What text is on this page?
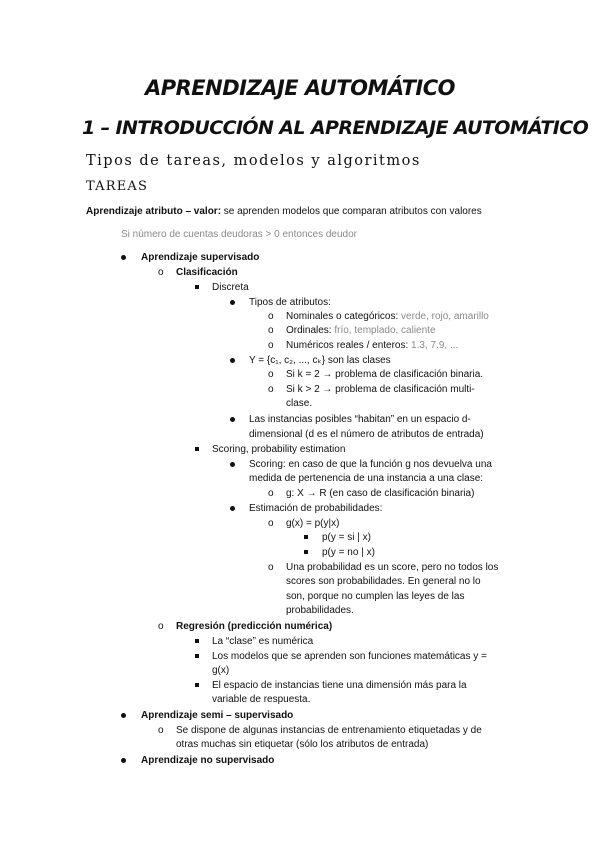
APRENDIZAJE AUTOMÁTICO
1 – INTRODUCCIÓN AL APRENDIZAJE AUTOMÁTICO
Tipos de tareas, modelos y algoritmos
TAREAS
Aprendizaje atributo – valor: se aprenden modelos que comparan atributos con valores
Si número de cuentas deudoras > 0 entonces deudor
Aprendizaje supervisado
o
Clasificación
Discreta
Tipos de atributos:
o
Nominales o categóricos: verde, rojo, amarillo
o
Ordinales: frío, templado, caliente
o
Numéricos reales / enteros: 1.3, 7.9, ...
Y = {c₁, c₂, ..., cₖ} son las clases
o
Si k = 2 → problema de clasificación binaria.
o
Si k > 2 → problema de clasificación multi-
clase.
Las instancias posibles “habitan” en un espacio d-
dimensional (d es el número de atributos de entrada)
Scoring, probability estimation
Scoring: en caso de que la función g nos devuelva una
medida de pertenencia de una instancia a una clase:
o
g: X → R (en caso de clasificación binaria)
Estimación de probabilidades:
o
g(x) = p(y|x)
p(y = si | x)
p(y = no | x)
o
Una probabilidad es un score, pero no todos los
scores son probabilidades. En general no lo
son, porque no cumplen las leyes de las
probabilidades.
o
Regresión (predicción numérica)
La “clase” es numérica
Los modelos que se aprenden son funciones matemáticas y =
g(x)
El espacio de instancias tiene una dimensión más para la
variable de respuesta.
Aprendizaje semi – supervisado
o
Se dispone de algunas instancias de entrenamiento etiquetadas y de
otras muchas sin etiquetar (sólo los atributos de entrada)
Aprendizaje no supervisado
